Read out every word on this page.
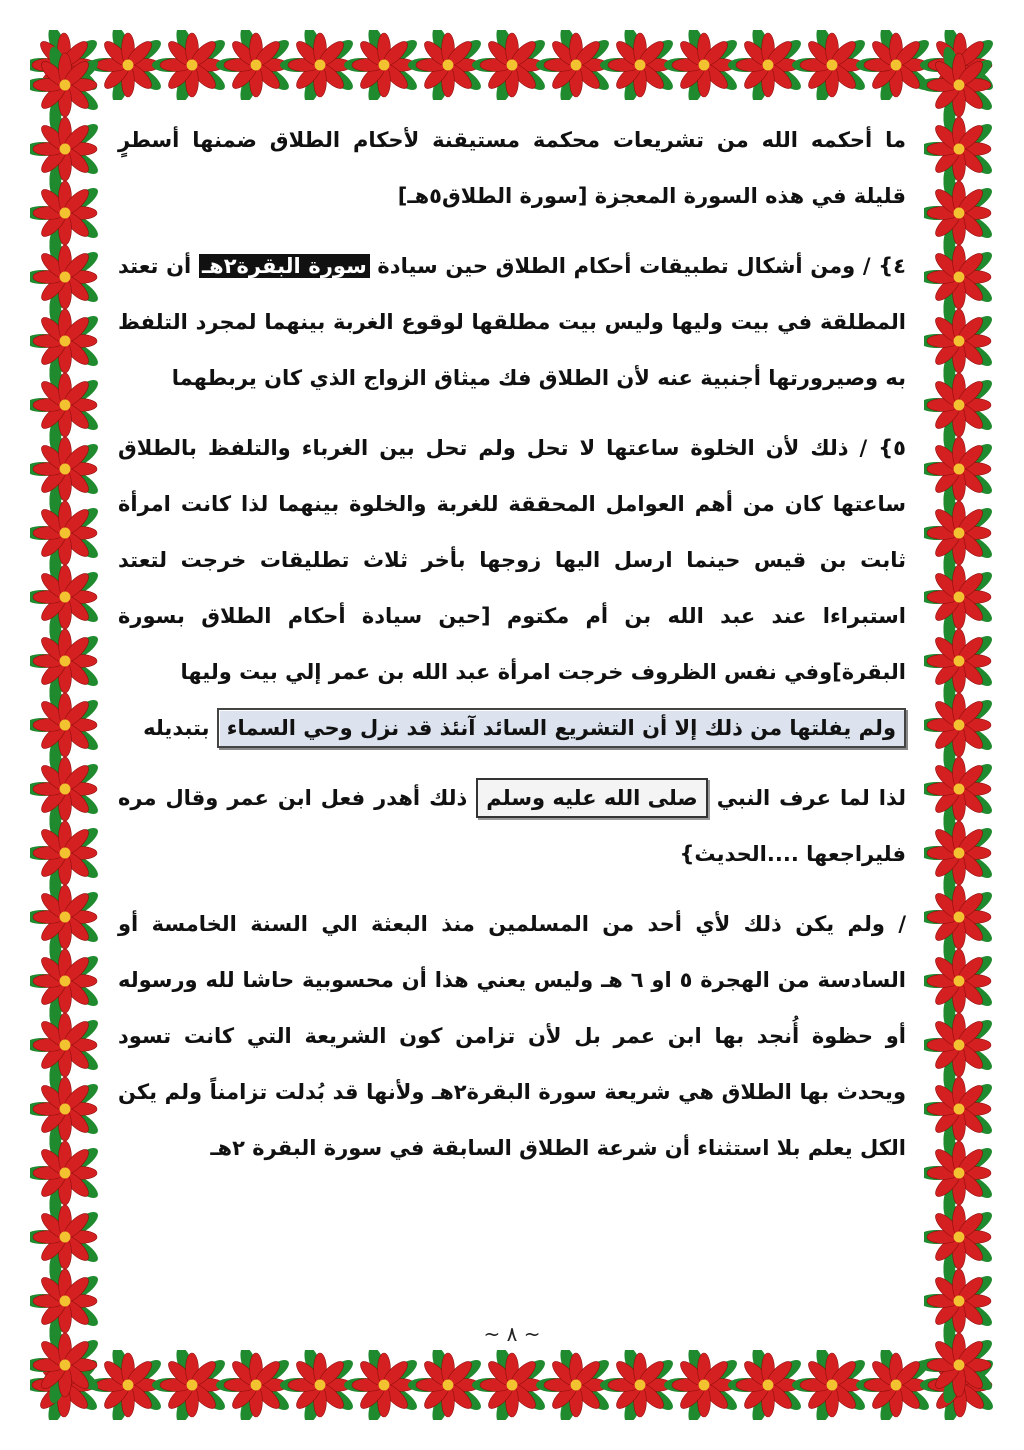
ما أحكمه الله من تشريعات محكمة مستيقنة لأحكام الطلاق ضمنها أسطرٍ قليلة في هذه السورة المعجزة [سورة الطلاق٥هـ]

٤} / ومن أشكال تطبيقات أحكام الطلاق حين سيادة سورة البقرة٢هـ أن تعتد المطلقة في بيت وليها وليس بيت مطلقها لوقوع الغربة بينهما لمجرد التلفظ به وصيرورتها أجنبية عنه لأن الطلاق فك ميثاق الزواج الذي كان يربطهما

٥} / ذلك لأن الخلوة ساعتها لا تحل ولم تحل بين الغرباء والتلفظ بالطلاق ساعتها كان من أهم العوامل المحققة للغربة والخلوة بينهما لذا كانت امرأة ثابت بن قيس حينما ارسل اليها زوجها بأخر ثلاث تطليقات خرجت لتعتد استبراءا عند عبد الله بن أم مكتوم [حين سيادة أحكام الطلاق بسورة البقرة]وفي نفس الظروف خرجت امرأة عبد الله بن عمر إلي بيت وليها
ولم يفلتها من ذلك إلا أن التشريع السائد آنئذ قد نزل وحي السماء بتبديله

لذا لما عرف النبي صلى الله عليه وسلم ذلك أهدر فعل ابن عمر وقال مره فليراجعها ....الحديث}

/ ولم يكن ذلك لأي أحد من المسلمين منذ البعثة الي السنة الخامسة أو السادسة من الهجرة ٥ او ٦ هـ وليس يعني هذا أن محسوبية حاشا لله ورسوله أو حظوة أُنجد بها ابن عمر بل لأن تزامن كون الشريعة التي كانت تسود ويحدث بها الطلاق هي شريعة سورة البقرة٢هـ ولأنها قد بُدلت تزامناً ولم يكن الكل يعلم بلا استثناء أن شرعة الطلاق السابقة في سورة البقرة ٢هـ

~ ٨ ~
